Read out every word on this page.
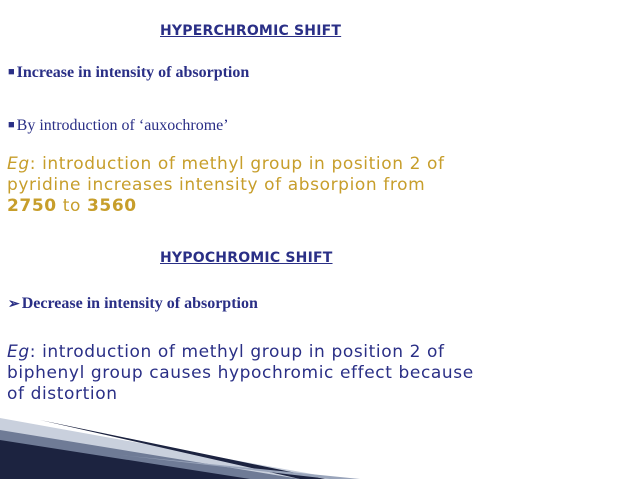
HYPERCHROMIC SHIFT
■ Increase in intensity of absorption
■ By introduction of ‘auxochrome’
Eg: introduction of methyl group in position 2 of
pyridine increases intensity of absorpion from
2750 to 3560
HYPOCHROMIC SHIFT
➢ Decrease in intensity of absorption
Eg: introduction of methyl group in position 2 of
biphenyl group causes hypochromic effect because
of distortion
